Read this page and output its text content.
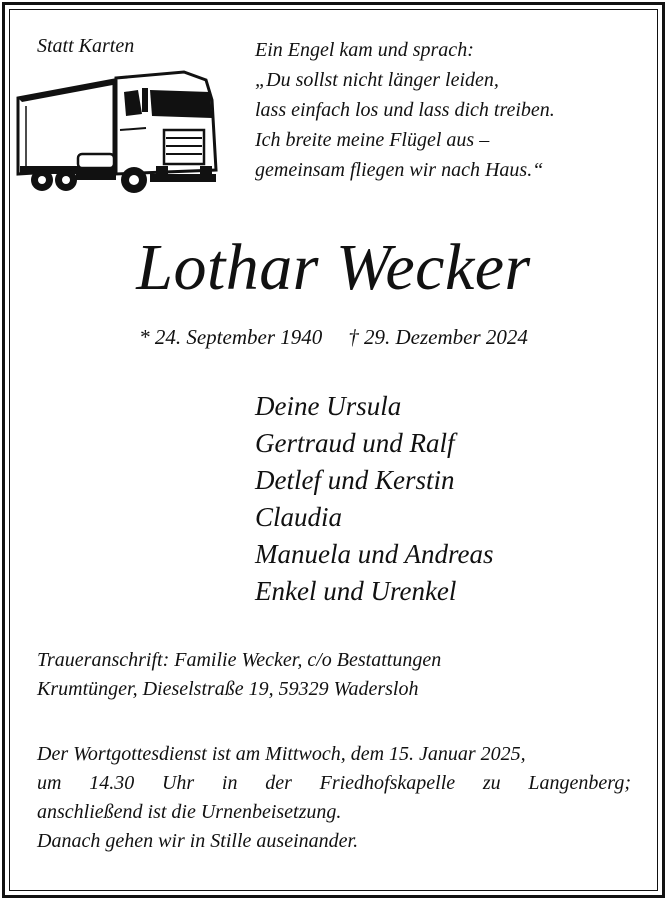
Statt Karten	Ein Engel kam und sprach:
„Du sollst nicht länger leiden,
lass einfach los und lass dich treiben.
Ich breite meine Flügel aus –
gemeinsam fliegen wir nach Haus.“
Lothar Wecker
* 24. September 1940 † 29. Dezember 2024
Deine Ursula
Gertraud und Ralf
Detlef und Kerstin
Claudia
Manuela und Andreas
Enkel und Urenkel
Traueranschrift: Familie Wecker, c/o Bestattungen
Krumtünger, Dieselstraße 19, 59329 Wadersloh
Der Wortgottesdienst ist am Mittwoch, dem 15. Januar 2025,
um 14.30 Uhr in der Friedhofskapelle zu Langenberg;
anschließend ist die Urnenbeisetzung.
Danach gehen wir in Stille auseinander.
